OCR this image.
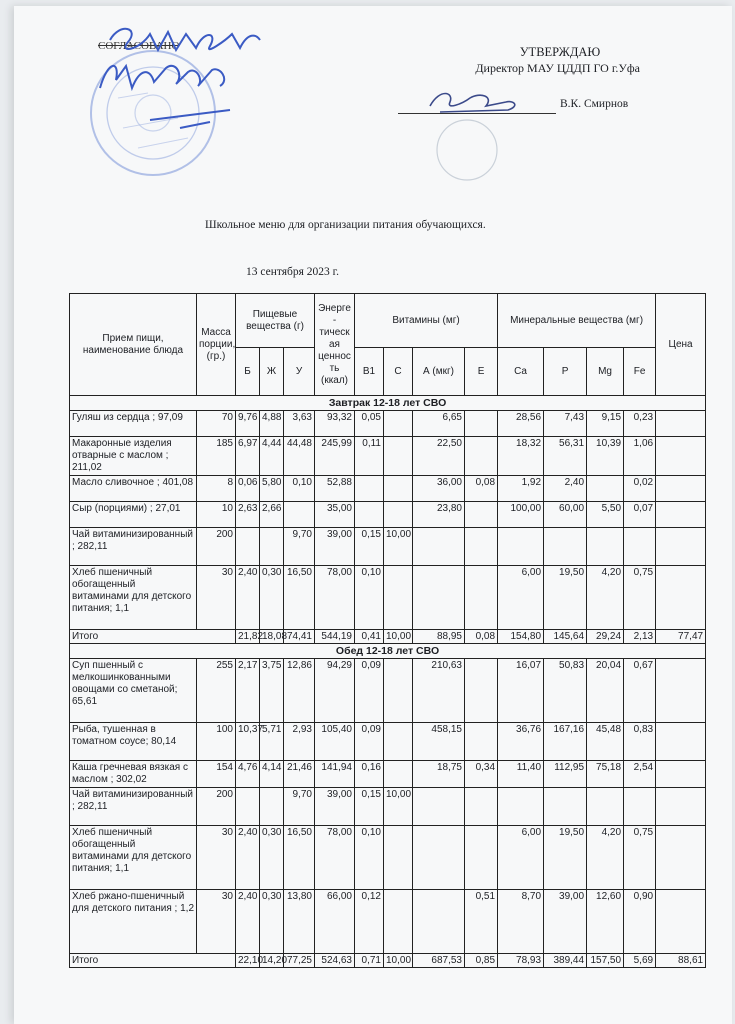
СОГЛАСОВАНО	УТВЕРЖДАЮ
Директор МАУ ЦДДП ГО г.Уфа
В.К. Смирнов
Школьное меню для организации питания обучающихся.
13 сентября 2023 г.
Прием пищи, наименование блюда	Масса порции, (гр.)	Пищевые вещества (г)			Энерге - тическ ая ценнос ть (ккал)	Витамины (мг)				Минеральные вещества (мг)				Цена
		Б	Ж	У		В1	С	А (мкг)	Е	Са	Р	Mg	Fe	
Завтрак 12-18 лет СВО														
Гуляш из сердца ; 97,09	70	9,76	4,88	3,63	93,32	0,05		6,65		28,56	7,43	9,15	0,23	
Макаронные изделия отварные с маслом ; 211,02	185	6,97	4,44	44,48	245,99	0,11		22,50		18,32	56,31	10,39	1,06	
Масло сливочное ; 401,08	8	0,06	5,80	0,10	52,88			36,00	0,08	1,92	2,40		0,02	
Сыр (порциями) ; 27,01	10	2,63	2,66		35,00			23,80		100,00	60,00	5,50	0,07	
Чай витаминизированный ; 282,11	200			9,70	39,00	0,15	10,00							
Хлеб пшеничный обогащенный витаминами для детского питания; 1,1	30	2,40	0,30	16,50	78,00	0,10				6,00	19,50	4,20	0,75	
Итого		21,82	18,08	74,41	544,19	0,41	10,00	88,95	0,08	154,80	145,64	29,24	2,13	77,47
Обед 12-18 лет СВО														
Суп пшенный с мелкошинкованными овощами со сметаной; 65,61	255	2,17	3,75	12,86	94,29	0,09		210,63		16,07	50,83	20,04	0,67	
Рыба, тушенная в томатном соусе; 80,14	100	10,37	5,71	2,93	105,40	0,09		458,15		36,76	167,16	45,48	0,83	
Каша гречневая вязкая с маслом ; 302,02	154	4,76	4,14	21,46	141,94	0,16		18,75	0,34	11,40	112,95	75,18	2,54	
Чай витаминизированный ; 282,11	200			9,70	39,00	0,15	10,00							
Хлеб пшеничный обогащенный витаминами для детского питания; 1,1	30	2,40	0,30	16,50	78,00	0,10				6,00	19,50	4,20	0,75	
Хлеб ржано-пшеничный для детского питания ; 1,2	30	2,40	0,30	13,80	66,00	0,12			0,51	8,70	39,00	12,60	0,90	
Итого		22,10	14,20	77,25	524,63	0,71	10,00	687,53	0,85	78,93	389,44	157,50	5,69	88,61
